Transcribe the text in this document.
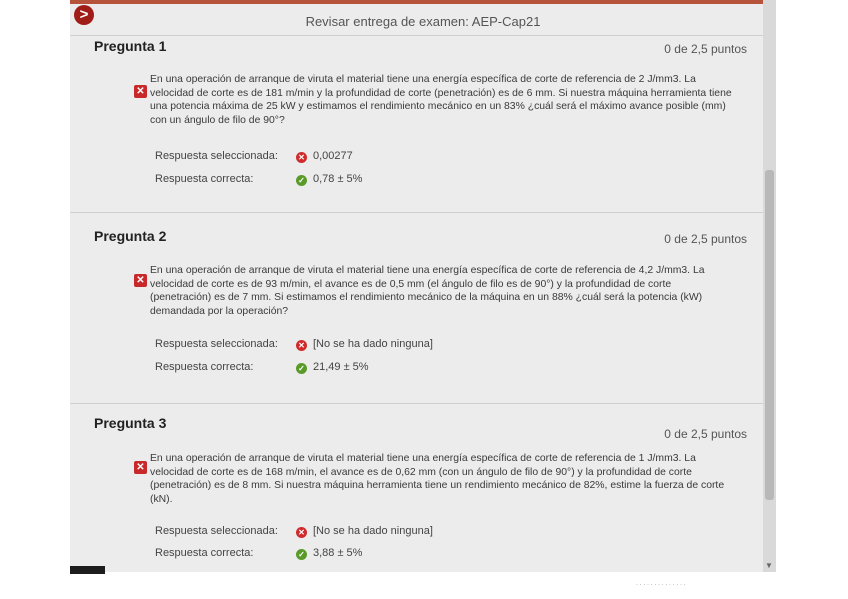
>	Revisar entrega de examen: AEP-Cap21
Pregunta 1	0 de 2,5 puntos
✕
En una operación de arranque de viruta el material tiene una energía específica de corte de referencia de 2 J/mm3. La velocidad de corte es de 181 m/min y la profundidad de corte (penetración) es de 6 mm. Si nuestra máquina herramienta tiene una potencia máxima de 25 kW y estimamos el rendimiento mecánico en un 83% ¿cuál será el máximo avance posible (mm) con un ángulo de filo de 90°?
Respuesta seleccionada:	✕ 0,00277
Respuesta correcta:	✓ 0,78 ± 5%
Pregunta 2	0 de 2,5 puntos
✕
En una operación de arranque de viruta el material tiene una energía específica de corte de referencia de 4,2 J/mm3. La velocidad de corte es de 93 m/min, el avance es de 0,5 mm (el ángulo de filo es de 90°) y la profundidad de corte (penetración) es de 7 mm. Si estimamos el rendimiento mecánico de la máquina en un 88% ¿cuál será la potencia (kW) demandada por la operación?
Respuesta seleccionada:	✕ [No se ha dado ninguna]
Respuesta correcta:	✓ 21,49 ± 5%
Pregunta 3
0 de 2,5 puntos
✕
En una operación de arranque de viruta el material tiene una energía específica de corte de referencia de 1 J/mm3. La velocidad de corte es de 168 m/min, el avance es de 0,62 mm (con un ángulo de filo de 90°) y la profundidad de corte (penetración) es de 8 mm. Si nuestra máquina herramienta tiene un rendimiento mecánico de 82%, estime la fuerza de corte (kN).
Respuesta seleccionada:	✕ [No se ha dado ninguna]
Respuesta correcta:	✓ 3,88 ± 5%
▼
· · · · · · · · · · · · · ·
